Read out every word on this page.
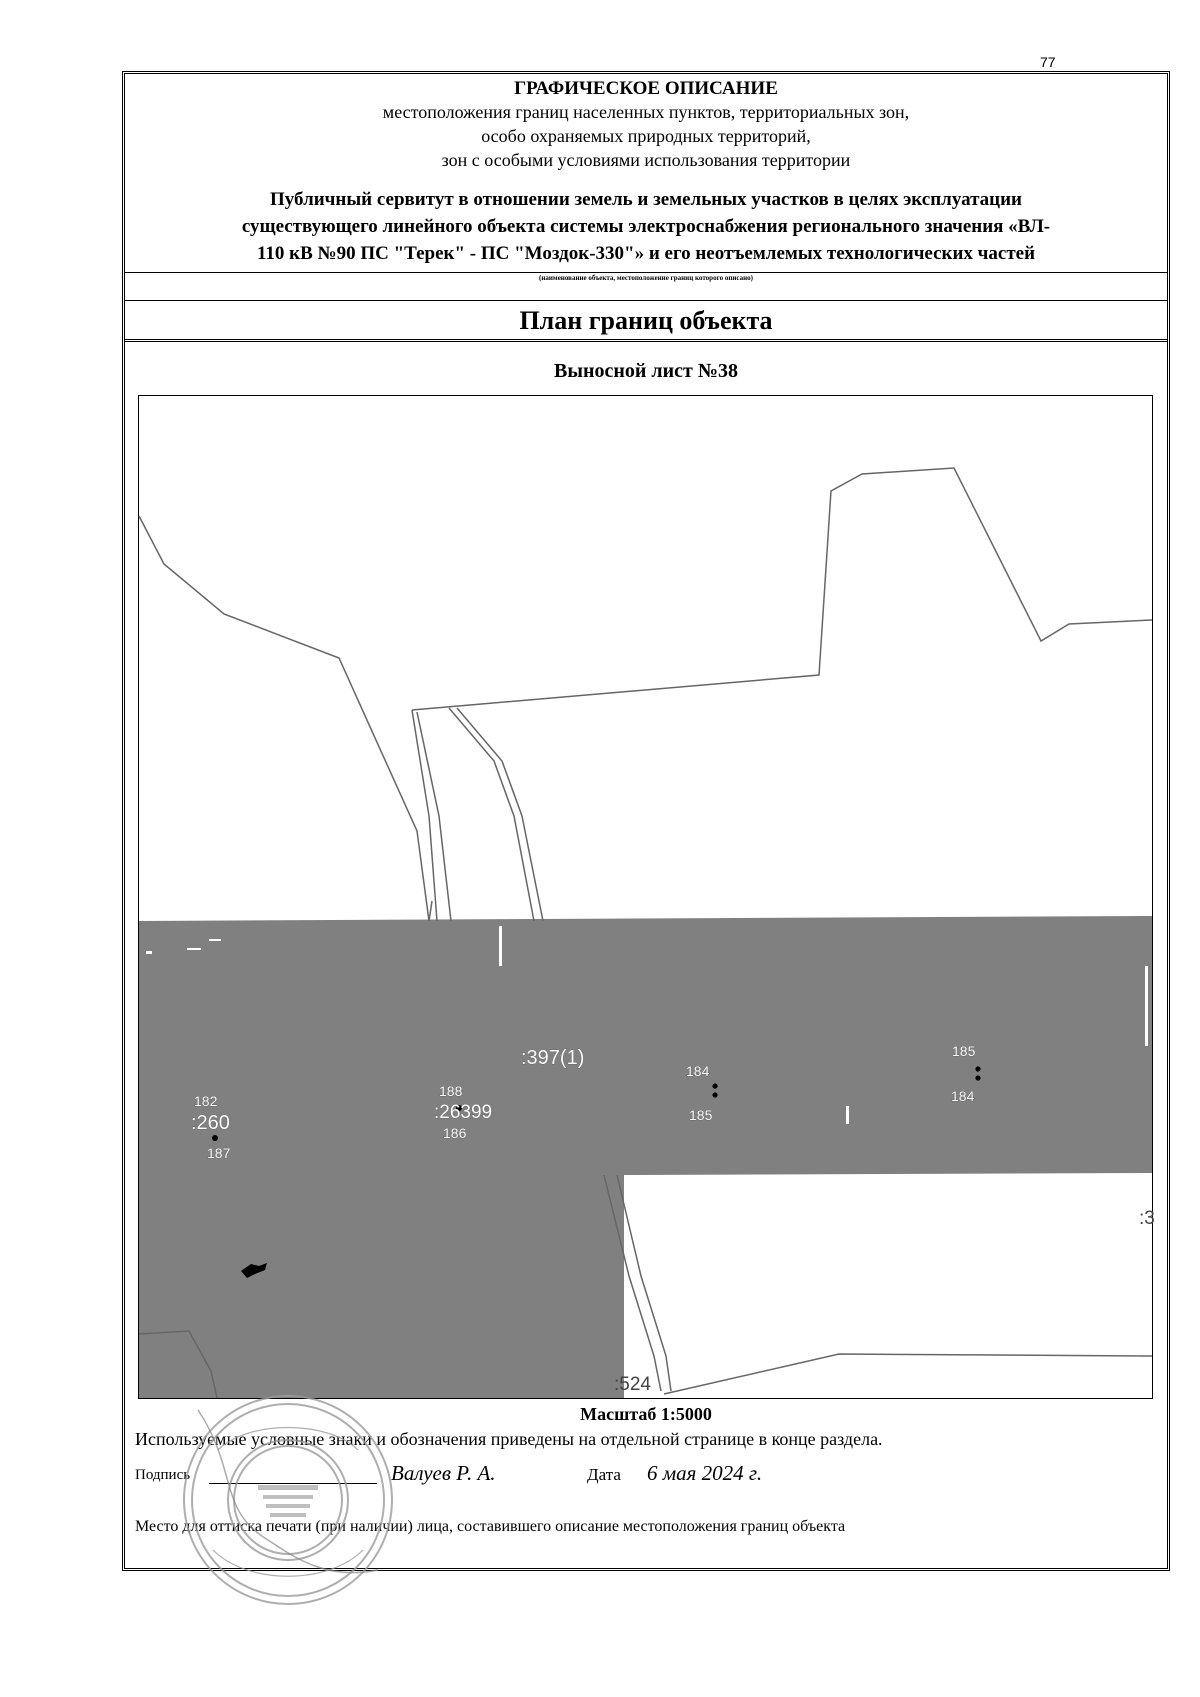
77
ГРАФИЧЕСКОЕ ОПИСАНИЕ
местоположения границ населенных пунктов, территориальных зон,
особо охраняемых природных территорий,
зон с особыми условиями использования территории
Публичный сервитут в отношении земель и земельных участков в целях эксплуатации
существующего линейного объекта системы электроснабжения регионального значения «ВЛ-
110 кВ №90 ПС "Терек" - ПС "Моздок-330"» и его неотъемлемых технологических частей
(наименование объекта, местоположение границ которого описано)
План границ объекта
Выносной лист №38
:397(1)
:260	:26399
182
187
188
186
184
185
185
184
:524
:3
Масштаб 1:5000
Используемые условные знаки и обозначения приведены на отдельной странице в конце раздела.
Подпись	Валуев Р. А.	Дата 6 мая 2024 г.
Место для оттиска печати (при наличии) лица, составившего описание местоположения границ объекта
